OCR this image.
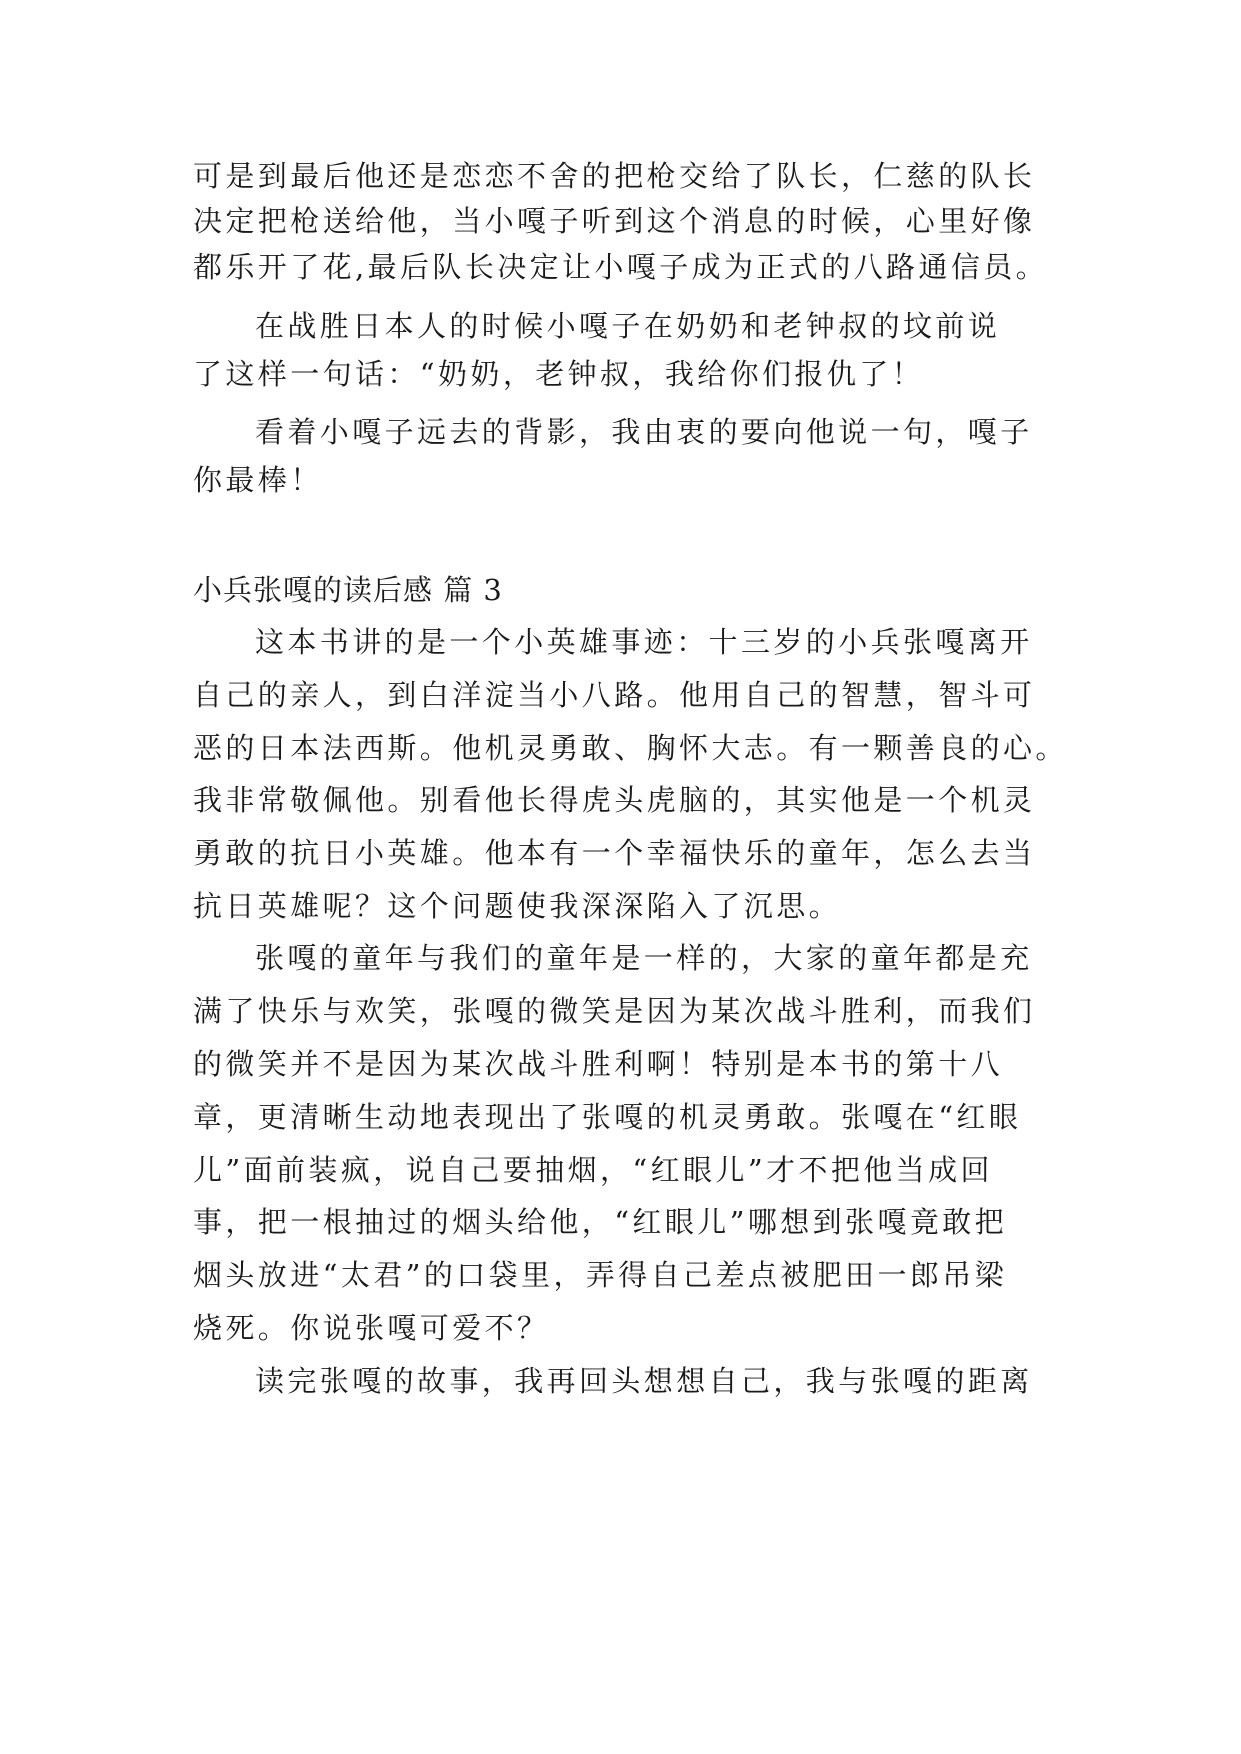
可是到最后他还是恋恋不舍的把枪交给了队长，仁慈的队长
决定把枪送给他，当小嘎子听到这个消息的时候，心里好像
都乐开了花,最后队长决定让小嘎子成为正式的八路通信员。
在战胜日本人的时候小嘎子在奶奶和老钟叔的坟前说
了这样一句话：“奶奶，老钟叔，我给你们报仇了！
看着小嘎子远去的背影，我由衷的要向他说一句，嘎子
你最棒！
小兵张嘎的读后感 篇 3
这本书讲的是一个小英雄事迹：十三岁的小兵张嘎离开
自己的亲人，到白洋淀当小八路。他用自己的智慧，智斗可
恶的日本法西斯。他机灵勇敢、胸怀大志。有一颗善良的心。
我非常敬佩他。别看他长得虎头虎脑的，其实他是一个机灵
勇敢的抗日小英雄。他本有一个幸福快乐的童年，怎么去当
抗日英雄呢？这个问题使我深深陷入了沉思。
张嘎的童年与我们的童年是一样的，大家的童年都是充
满了快乐与欢笑，张嘎的微笑是因为某次战斗胜利，而我们
的微笑并不是因为某次战斗胜利啊！特别是本书的第十八
章，更清晰生动地表现出了张嘎的机灵勇敢。张嘎在“红眼
儿”面前装疯，说自己要抽烟，“红眼儿”才不把他当成回
事，把一根抽过的烟头给他，“红眼儿”哪想到张嘎竟敢把
烟头放进“太君”的口袋里，弄得自己差点被肥田一郎吊梁
烧死。你说张嘎可爱不？
读完张嘎的故事，我再回头想想自己，我与张嘎的距离
